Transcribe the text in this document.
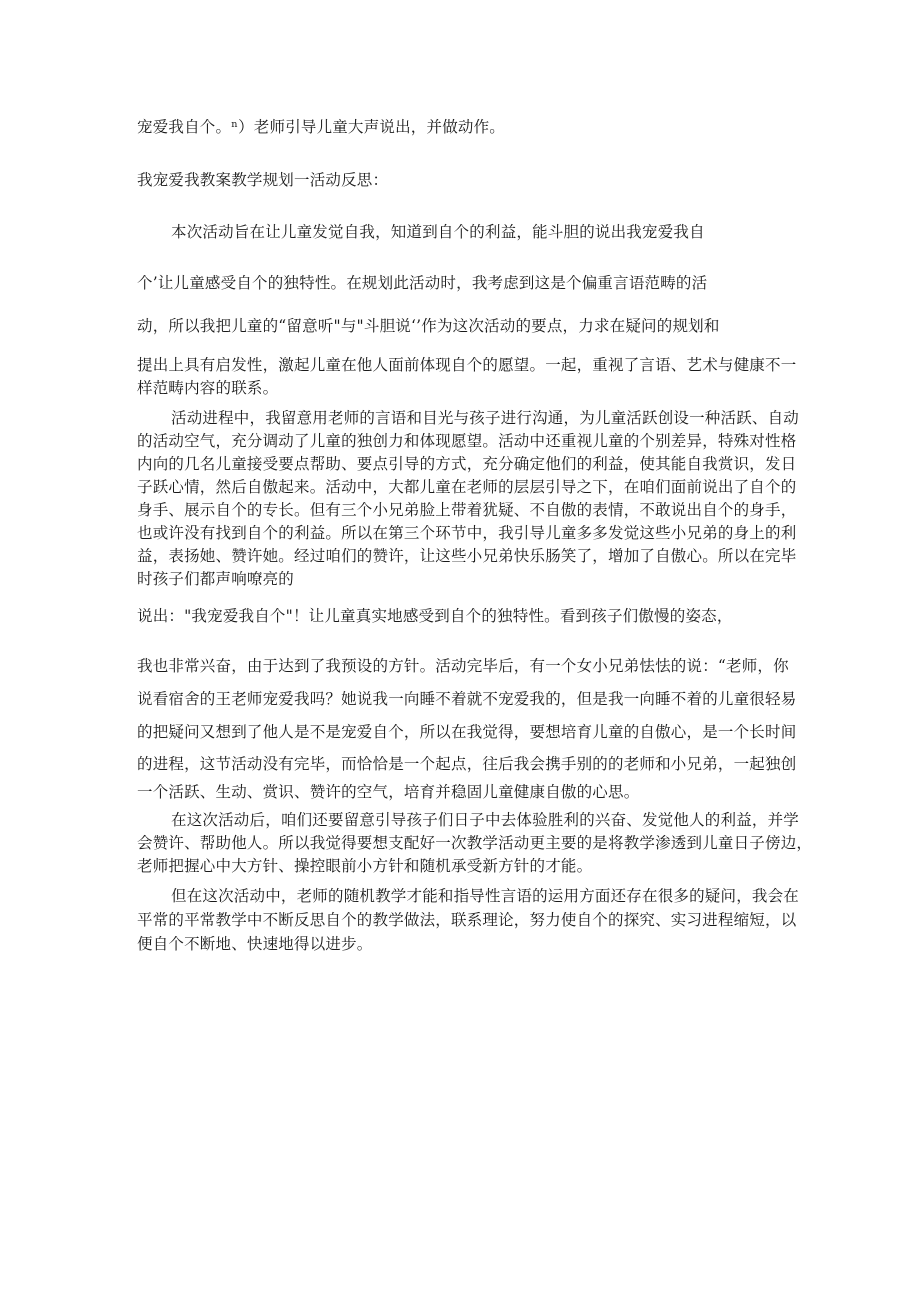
宠爱我自个。ⁿ）老师引导儿童大声说出，并做动作。
我宠爱我教案教学规划一活动反思：
本次活动旨在让儿童发觉自我，知道到自个的利益，能斗胆的说出我宠爱我自
个’让儿童感受自个的独特性。在规划此活动时，我考虑到这是个偏重言语范畴的活
动，所以我把儿童的“留意听"与"斗胆说‘’作为这次活动的要点，力求在疑问的规划和
提出上具有启发性，激起儿童在他人面前体现自个的愿望。一起，重视了言语、艺术与健康不一
样范畴内容的联系。
活动进程中，我留意用老师的言语和目光与孩子进行沟通，为儿童活跃创设一种活跃、自动
的活动空气，充分调动了儿童的独创力和体现愿望。活动中还重视儿童的个别差异，特殊对性格
内向的几名儿童接受要点帮助、要点引导的方式，充分确定他们的利益，使其能自我赏识，发日
子跃心情，然后自傲起来。活动中，大都儿童在老师的层层引导之下，在咱们面前说出了自个的
身手、展示自个的专长。但有三个小兄弟脸上带着犹疑、不自傲的表情，不敢说出自个的身手，
也或许没有找到自个的利益。所以在第三个环节中，我引导儿童多多发觉这些小兄弟的身上的利
益，表扬她、赞许她。经过咱们的赞许，让这些小兄弟快乐肠笑了，增加了自傲心。所以在完毕
时孩子们都声响嘹亮的
说出："我宠爱我自个"！让儿童真实地感受到自个的独特性。看到孩子们傲慢的姿态，
我也非常兴奋，由于达到了我预设的方针。活动完毕后，有一个女小兄弟怯怯的说：“老师，你
说看宿舍的王老师宠爱我吗？她说我一向睡不着就不宠爱我的，但是我一向睡不着的儿童很轻易
的把疑问又想到了他人是不是宠爱自个，所以在我觉得，要想培育儿童的自傲心，是一个长时间
的进程，这节活动没有完毕，而恰恰是一个起点，往后我会携手别的的老师和小兄弟，一起独创
一个活跃、生动、赏识、赞许的空气，培育并稳固儿童健康自傲的心思。
在这次活动后，咱们还要留意引导孩子们日子中去体验胜利的兴奋、发觉他人的利益，并学
会赞许、帮助他人。所以我觉得要想支配好一次教学活动更主要的是将教学渗透到儿童日子傍边，
老师把握心中大方针、操控眼前小方针和随机承受新方针的才能。
但在这次活动中，老师的随机教学才能和指导性言语的运用方面还存在很多的疑问，我会在
平常的平常教学中不断反思自个的教学做法，联系理论，努力使自个的探究、实习进程缩短，以
便自个不断地、快速地得以进步。
